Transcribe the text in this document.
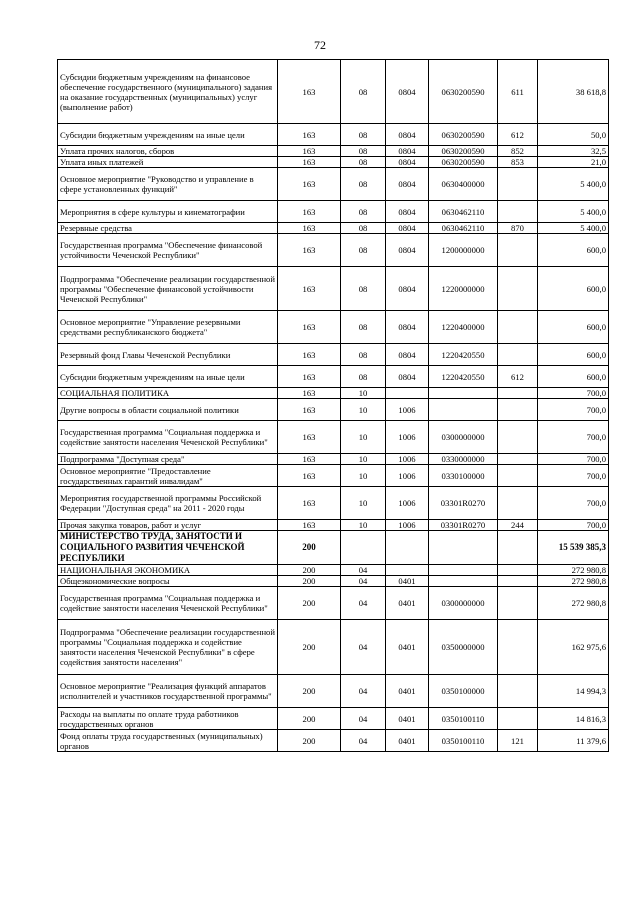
72
Субсидии бюджетным учреждениям на финансовое обеспечение государственного (муниципального) задания на оказание государственных (муниципальных) услуг (выполнение работ)	163	08	0804	0630200590	611	38 618,8
Субсидии бюджетным учреждениям на иные цели	163	08	0804	0630200590	612	50,0
Уплата прочих налогов, сборов	163	08	0804	0630200590	852	32,5
Уплата иных платежей	163	08	0804	0630200590	853	21,0
Основное мероприятие "Руководство и управление в сфере установленных функций"	163	08	0804	0630400000		5 400,0
Мероприятия в сфере культуры и кинематографии	163	08	0804	0630462110		5 400,0
Резервные средства	163	08	0804	0630462110	870	5 400,0
Государственная программа "Обеспечение финансовой устойчивости Чеченской Республики"	163	08	0804	1200000000		600,0
Подпрограмма "Обеспечение реализации государственной программы "Обеспечение финансовой устойчивости Чеченской Республики"	163	08	0804	1220000000		600,0
Основное мероприятие "Управление резервными средствами республиканского бюджета"	163	08	0804	1220400000		600,0
Резервный фонд Главы Чеченской Республики	163	08	0804	1220420550		600,0
Субсидии бюджетным учреждениям на иные цели	163	08	0804	1220420550	612	600,0
СОЦИАЛЬНАЯ ПОЛИТИКА	163	10				700,0
Другие вопросы в области социальной политики	163	10	1006			700,0
Государственная программа "Социальная поддержка и содействие занятости населения Чеченской Республики"	163	10	1006	0300000000		700,0
Подпрограмма "Доступная среда"	163	10	1006	0330000000		700,0
Основное мероприятие "Предоставление государственных гарантий инвалидам"	163	10	1006	0330100000		700,0
Мероприятия государственной программы Российской Федерации "Доступная среда" на 2011 - 2020 годы	163	10	1006	03301R0270		700,0
Прочая закупка товаров, работ и услуг	163	10	1006	03301R0270	244	700,0
МИНИСТЕРСТВО ТРУДА, ЗАНЯТОСТИ И СОЦИАЛЬНОГО РАЗВИТИЯ ЧЕЧЕНСКОЙ РЕСПУБЛИКИ	200					15 539 385,3
НАЦИОНАЛЬНАЯ ЭКОНОМИКА	200	04				272 980,8
Общеэкономические вопросы	200	04	0401			272 980,8
Государственная программа "Социальная поддержка и содействие занятости населения Чеченской Республики"	200	04	0401	0300000000		272 980,8
Подпрограмма "Обеспечение реализации государственной программы "Социальная поддержка и содействие занятости населения Чеченской Республики" в сфере содействия занятости населения"	200	04	0401	0350000000		162 975,6
Основное мероприятие "Реализация функций аппаратов исполнителей и участников государственной программы"	200	04	0401	0350100000		14 994,3
Расходы на выплаты по оплате труда работников государственных органов	200	04	0401	0350100110		14 816,3
Фонд оплаты труда государственных (муниципальных) органов	200	04	0401	0350100110	121	11 379,6
